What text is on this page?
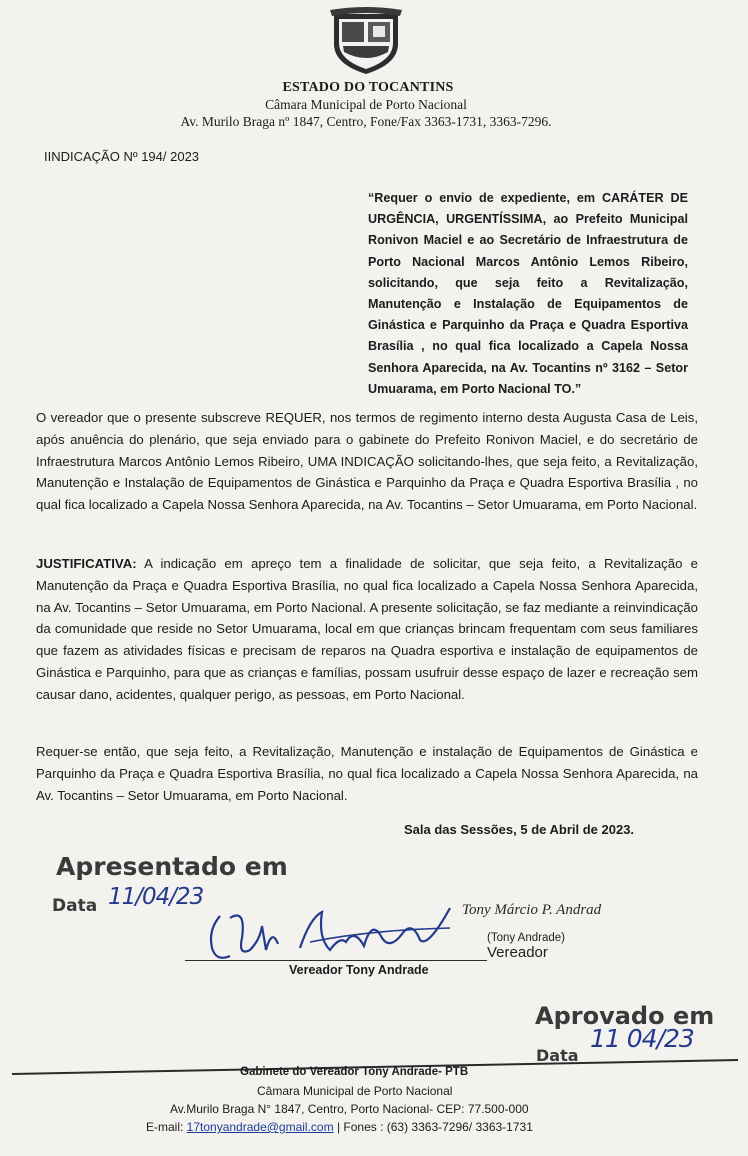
ESTADO DO TOCANTINS
Câmara Municipal de Porto Nacional
Av. Murilo Braga nº 1847, Centro, Fone/Fax 3363-1731, 3363-7296.
IINDICAÇÃO Nº 194/ 2023
“Requer o envio de expediente, em CARÁTER DE URGÊNCIA, URGENTÍSSIMA, ao Prefeito Municipal Ronivon Maciel e ao Secretário de Infraestrutura de Porto Nacional Marcos Antônio Lemos Ribeiro, solicitando, que seja feito a Revitalização, Manutenção e Instalação de Equipamentos de Ginástica e Parquinho da Praça e Quadra Esportiva Brasília , no qual fica localizado a Capela Nossa Senhora Aparecida, na Av. Tocantins nº 3162 – Setor Umuarama, em Porto Nacional TO.”
O vereador que o presente subscreve REQUER, nos termos de regimento interno desta Augusta Casa de Leis, após anuência do plenário, que seja enviado para o gabinete do Prefeito Ronivon Maciel, e do secretário de Infraestrutura Marcos Antônio Lemos Ribeiro, UMA INDICAÇÃO solicitando-lhes, que seja feito, a Revitalização, Manutenção e Instalação de Equipamentos de Ginástica e Parquinho da Praça e Quadra Esportiva Brasília , no qual fica localizado a Capela Nossa Senhora Aparecida, na Av. Tocantins – Setor Umuarama, em Porto Nacional.
JUSTIFICATIVA: A indicação em apreço tem a finalidade de solicitar, que seja feito, a Revitalização e Manutenção da Praça e Quadra Esportiva Brasília, no qual fica localizado a Capela Nossa Senhora Aparecida, na Av. Tocantins – Setor Umuarama, em Porto Nacional. A presente solicitação, se faz mediante a reinvindicação da comunidade que reside no Setor Umuarama, local em que crianças brincam frequentam com seus familiares que fazem as atividades físicas e precisam de reparos na Quadra esportiva e instalação de equipamentos de Ginástica e Parquinho, para que as crianças e famílias, possam usufruir desse espaço de lazer e recreação sem causar dano, acidentes, qualquer perigo, as pessoas, em Porto Nacional.
Requer-se então, que seja feito, a Revitalização, Manutenção e instalação de Equipamentos de Ginástica e Parquinho da Praça e Quadra Esportiva Brasília, no qual fica localizado a Capela Nossa Senhora Aparecida, na Av. Tocantins – Setor Umuarama, em Porto Nacional.
Sala das Sessões, 5 de Abril de 2023.
Apresentado em
Data 11/04/23	Tony Márcio P. Andrad
(Tony Andrade)
Vereador
Vereador Tony Andrade
Aprovado em
Data
11 04/23
Gabinete do Vereador Tony Andrade- PTB
Câmara Municipal de Porto Nacional
Av.Murilo Braga N° 1847, Centro, Porto Nacional- CEP: 77.500-000
E-mail: 17tonyandrade@gmail.com | Fones : (63) 3363-7296/ 3363-1731
